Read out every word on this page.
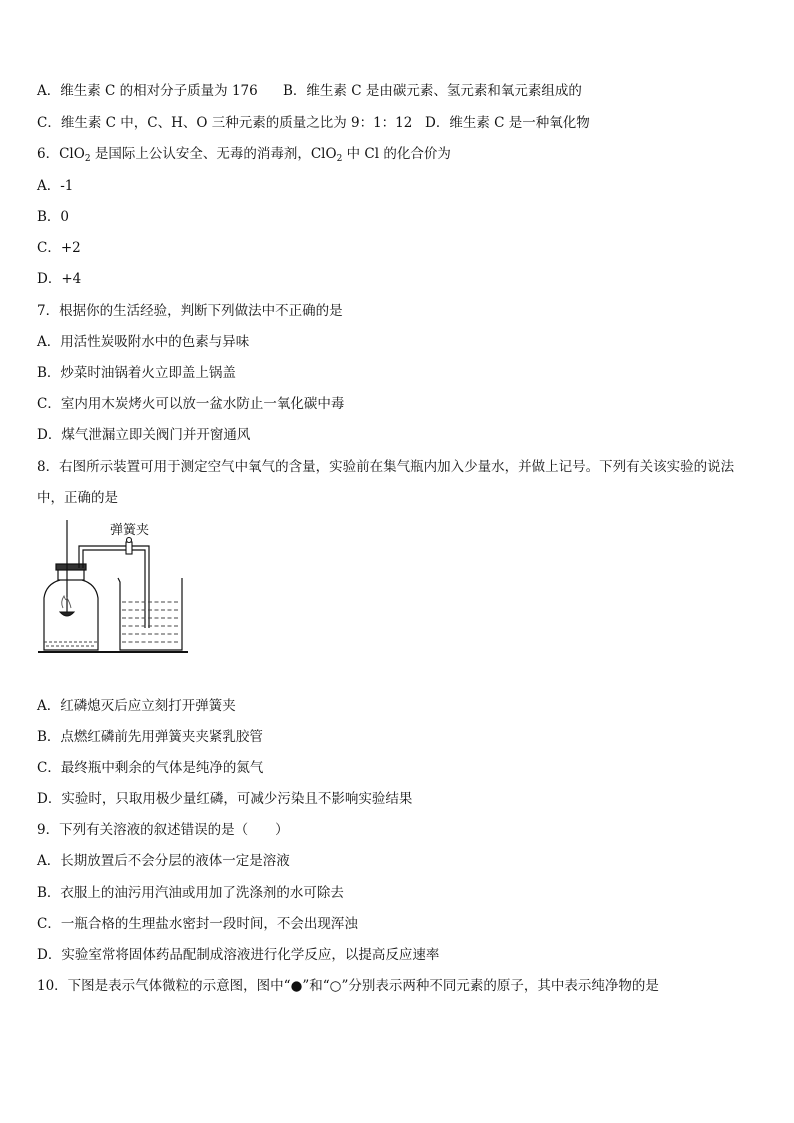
A．维生素 C 的相对分子质量为 176 B．维生素 C 是由碳元素、氢元素和氧元素组成的
C．维生素 C 中，C、H、O 三种元素的质量之比为 9：1：12 D．维生素 C 是一种氧化物
6．ClO$_2$ 是国际上公认安全、无毒的消毒剂，ClO$_2$ 中 Cl 的化合价为
A．-1
B．0
C．+2
D．+4
7．根据你的生活经验，判断下列做法中不正确的是
A．用活性炭吸附水中的色素与异味
B．炒菜时油锅着火立即盖上锅盖
C．室内用木炭烤火可以放一盆水防止一氧化碳中毒
D．煤气泄漏立即关阀门并开窗通风
8．右图所示装置可用于测定空气中氧气的含量，实验前在集气瓶内加入少量水，并做上记号。下列有关该实验的说法
中，正确的是
弹簧夹
A．红磷熄灭后应立刻打开弹簧夹
B．点燃红磷前先用弹簧夹夹紧乳胶管
C．最终瓶中剩余的气体是纯净的氮气
D．实验时，只取用极少量红磷，可减少污染且不影响实验结果
9．下列有关溶液的叙述错误的是（　　）
A．长期放置后不会分层的液体一定是溶液
B．衣服上的油污用汽油或用加了洗涤剂的水可除去
C．一瓶合格的生理盐水密封一段时间，不会出现浑浊
D．实验室常将固体药品配制成溶液进行化学反应，以提高反应速率
10．下图是表示气体微粒的示意图，图中“●”和“○”分别表示两种不同元素的原子，其中表示纯净物的是
